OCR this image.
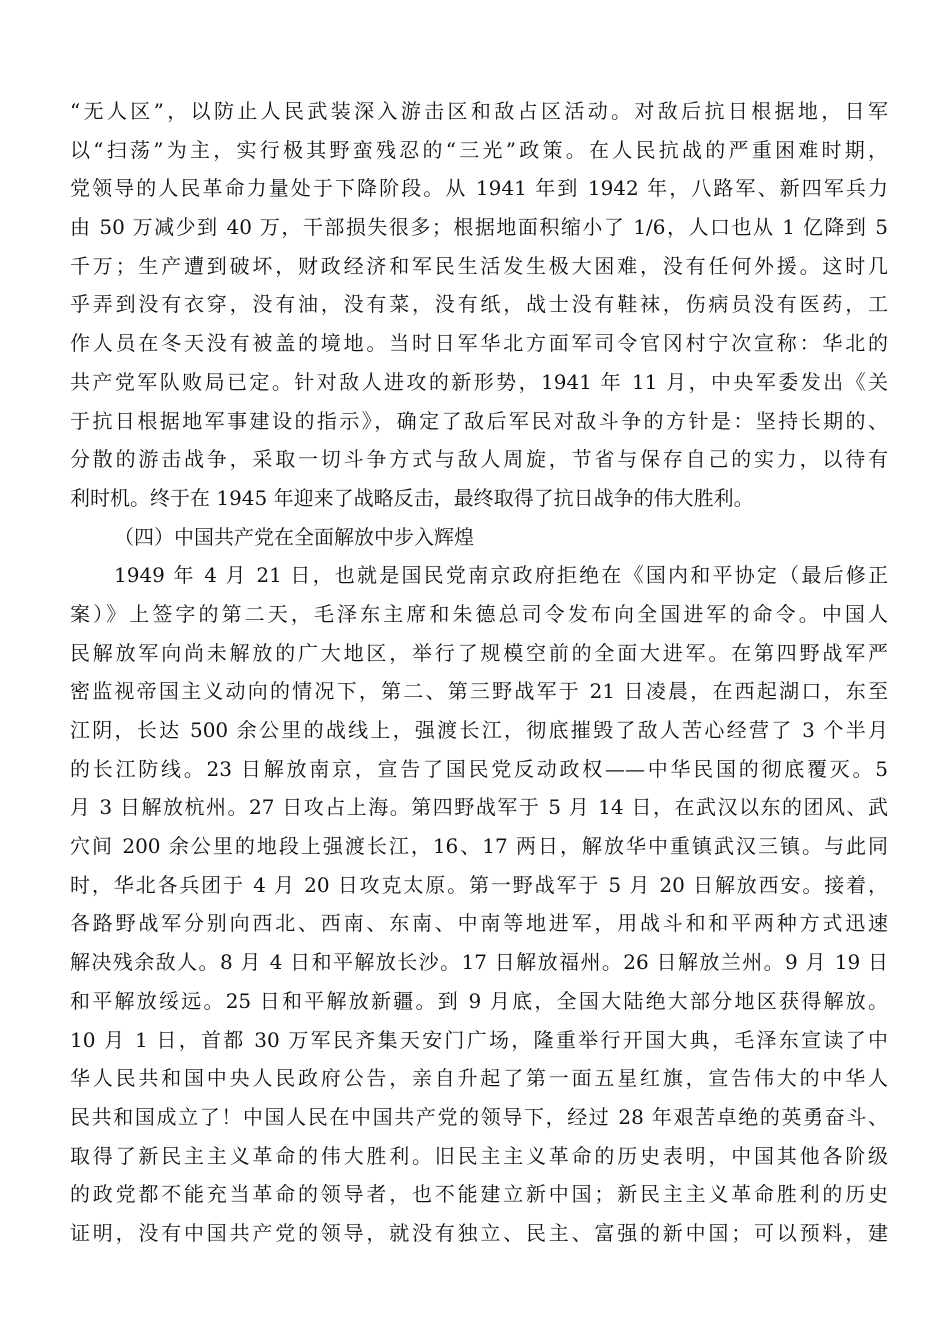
“无人区”，以防止人民武装深入游击区和敌占区活动。对敌后抗日根据地，日军
以“扫荡”为主，实行极其野蛮残忍的“三光”政策。在人民抗战的严重困难时期，
党领导的人民革命力量处于下降阶段。从 1941 年到 1942 年，八路军、新四军兵力
由 50 万减少到 40 万，干部损失很多；根据地面积缩小了 1/6，人口也从 1 亿降到 5
千万；生产遭到破坏，财政经济和军民生活发生极大困难，没有任何外援。这时几
乎弄到没有衣穿，没有油，没有菜，没有纸，战士没有鞋袜，伤病员没有医药，工
作人员在冬天没有被盖的境地。当时日军华北方面军司令官冈村宁次宣称：华北的
共产党军队败局已定。针对敌人进攻的新形势，1941 年 11 月，中央军委发出《关
于抗日根据地军事建设的指示》，确定了敌后军民对敌斗争的方针是：坚持长期的、
分散的游击战争，采取一切斗争方式与敌人周旋，节省与保存自己的实力，以待有
利时机。终于在 1945 年迎来了战略反击，最终取得了抗日战争的伟大胜利。
（四）中国共产党在全面解放中步入辉煌
1949 年 4 月 21 日，也就是国民党南京政府拒绝在《国内和平协定（最后修正
案）》上签字的第二天，毛泽东主席和朱德总司令发布向全国进军的命令。中国人
民解放军向尚未解放的广大地区，举行了规模空前的全面大进军。在第四野战军严
密监视帝国主义动向的情况下，第二、第三野战军于 21 日凌晨，在西起湖口，东至
江阴，长达 500 余公里的战线上，强渡长江，彻底摧毁了敌人苦心经营了 3 个半月
的长江防线。23 日解放南京，宣告了国民党反动政权——中华民国的彻底覆灭。5
月 3 日解放杭州。27 日攻占上海。第四野战军于 5 月 14 日，在武汉以东的团风、武
穴间 200 余公里的地段上强渡长江，16、17 两日，解放华中重镇武汉三镇。与此同
时，华北各兵团于 4 月 20 日攻克太原。第一野战军于 5 月 20 日解放西安。接着，
各路野战军分别向西北、西南、东南、中南等地进军，用战斗和和平两种方式迅速
解决残余敌人。8 月 4 日和平解放长沙。17 日解放福州。26 日解放兰州。9 月 19 日
和平解放绥远。25 日和平解放新疆。到 9 月底，全国大陆绝大部分地区获得解放。
10 月 1 日，首都 30 万军民齐集天安门广场，隆重举行开国大典，毛泽东宣读了中
华人民共和国中央人民政府公告，亲自升起了第一面五星红旗，宣告伟大的中华人
民共和国成立了！中国人民在中国共产党的领导下，经过 28 年艰苦卓绝的英勇奋斗、
取得了新民主主义革命的伟大胜利。旧民主主义革命的历史表明，中国其他各阶级
的政党都不能充当革命的领导者，也不能建立新中国；新民主主义革命胜利的历史
证明，没有中国共产党的领导，就没有独立、民主、富强的新中国；可以预料，建
